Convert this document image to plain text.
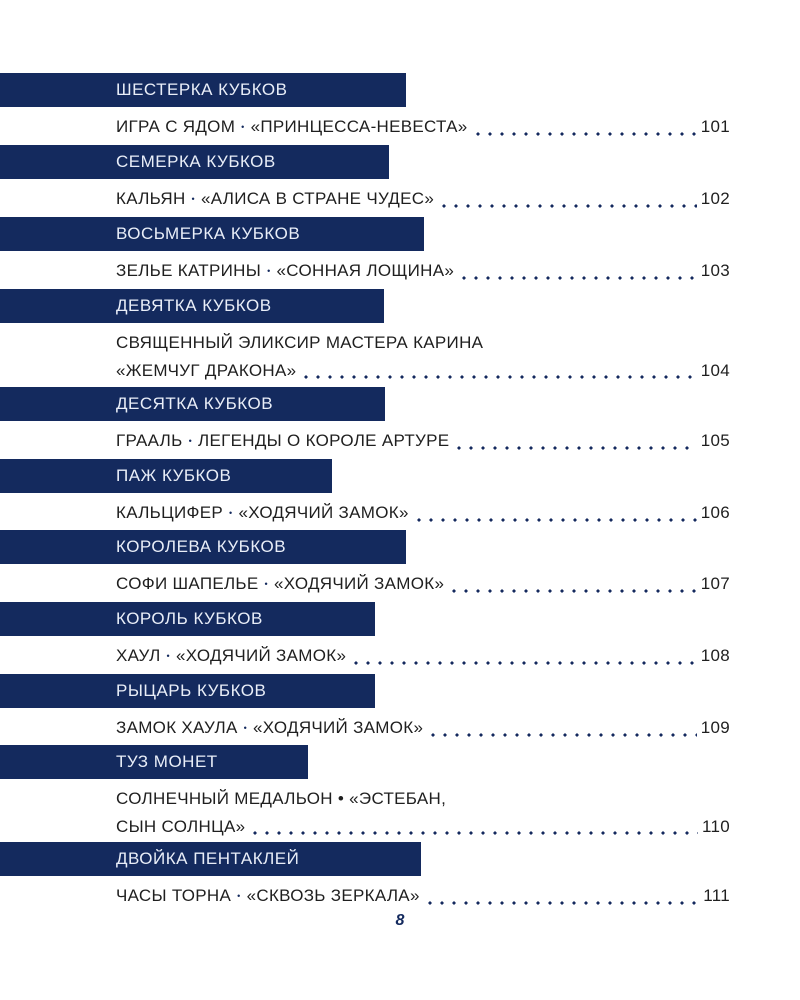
ШЕСТЕРКА КУБКОВ
ИГРА С ЯДОМ • «ПРИНЦЕССА-НЕВЕСТА»	101
СЕМЕРКА КУБКОВ
КАЛЬЯН • «АЛИСА В СТРАНЕ ЧУДЕС»	102
ВОСЬМЕРКА КУБКОВ
ЗЕЛЬЕ КАТРИНЫ • «СОННАЯ ЛОЩИНА»	103
ДЕВЯТКА КУБКОВ
СВЯЩЕННЫЙ ЭЛИКСИР МАСТЕРА КАРИНА
«ЖЕМЧУГ ДРАКОНА»	104
ДЕСЯТКА КУБКОВ
ГРААЛЬ • ЛЕГЕНДЫ О КОРОЛЕ АРТУРЕ	105
ПАЖ КУБКОВ
КАЛЬЦИФЕР • «ХОДЯЧИЙ ЗАМОК»	106
КОРОЛЕВА КУБКОВ
СОФИ ШАПЕЛЬЕ • «ХОДЯЧИЙ ЗАМОК»	107
КОРОЛЬ КУБКОВ
ХАУЛ • «ХОДЯЧИЙ ЗАМОК»	108
РЫЦАРЬ КУБКОВ
ЗАМОК ХАУЛА • «ХОДЯЧИЙ ЗАМОК»	109
ТУЗ МОНЕТ
СОЛНЕЧНЫЙ МЕДАЛЬОН • «ЭСТЕБАН,
СЫН СОЛНЦА»	110
ДВОЙКА ПЕНТАКЛЕЙ
ЧАСЫ ТОРНА • «СКВОЗЬ ЗЕРКАЛА»	111
8
